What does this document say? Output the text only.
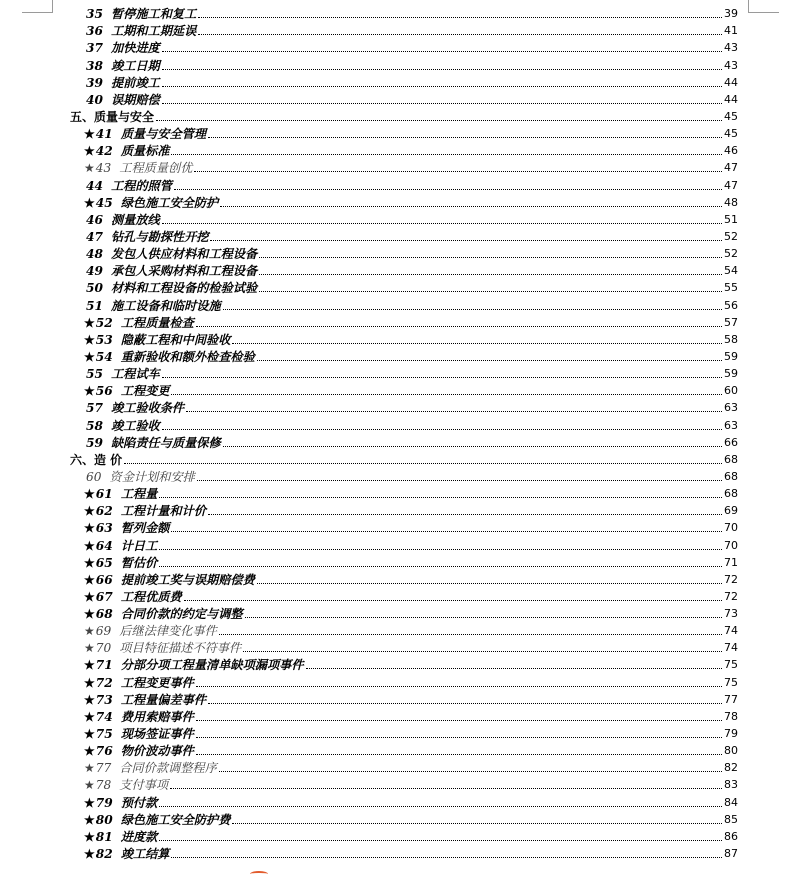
35 暂停施工和复工	39
36 工期和工期延误	41
37 加快进度	43
38 竣工日期	43
39 提前竣工	44
40 误期赔偿	44
五、质量与安全	45
★41 质量与安全管理	45
★42 质量标准	46
★43 工程质量创优	47
44 工程的照管	47
★45 绿色施工安全防护	48
46 测量放线	51
47 钻孔与勘探性开挖	52
48 发包人供应材料和工程设备	52
49 承包人采购材料和工程设备	54
50 材料和工程设备的检验试验	55
51 施工设备和临时设施	56
★52 工程质量检查	57
★53 隐蔽工程和中间验收	58
★54 重新验收和额外检查检验	59
55 工程试车	59
★56 工程变更	60
57 竣工验收条件	63
58 竣工验收	63
59 缺陷责任与质量保修	66
六、造 价	68
60 资金计划和安排	68
★61 工程量	68
★62 工程计量和计价	69
★63 暂列金额	70
★64 计日工	70
★65 暂估价	71
★66 提前竣工奖与误期赔偿费	72
★67 工程优质费	72
★68 合同价款的约定与调整	73
★69 后继法律变化事件	74
★70 项目特征描述不符事件	74
★71 分部分项工程量清单缺项漏项事件	75
★72 工程变更事件	75
★73 工程量偏差事件	77
★74 费用索赔事件	78
★75 现场签证事件	79
★76 物价波动事件	80
★77 合同价款调整程序	82
★78 支付事项	83
★79 预付款	84
★80 绿色施工安全防护费	85
★81 进度款	86
★82 竣工结算	87
